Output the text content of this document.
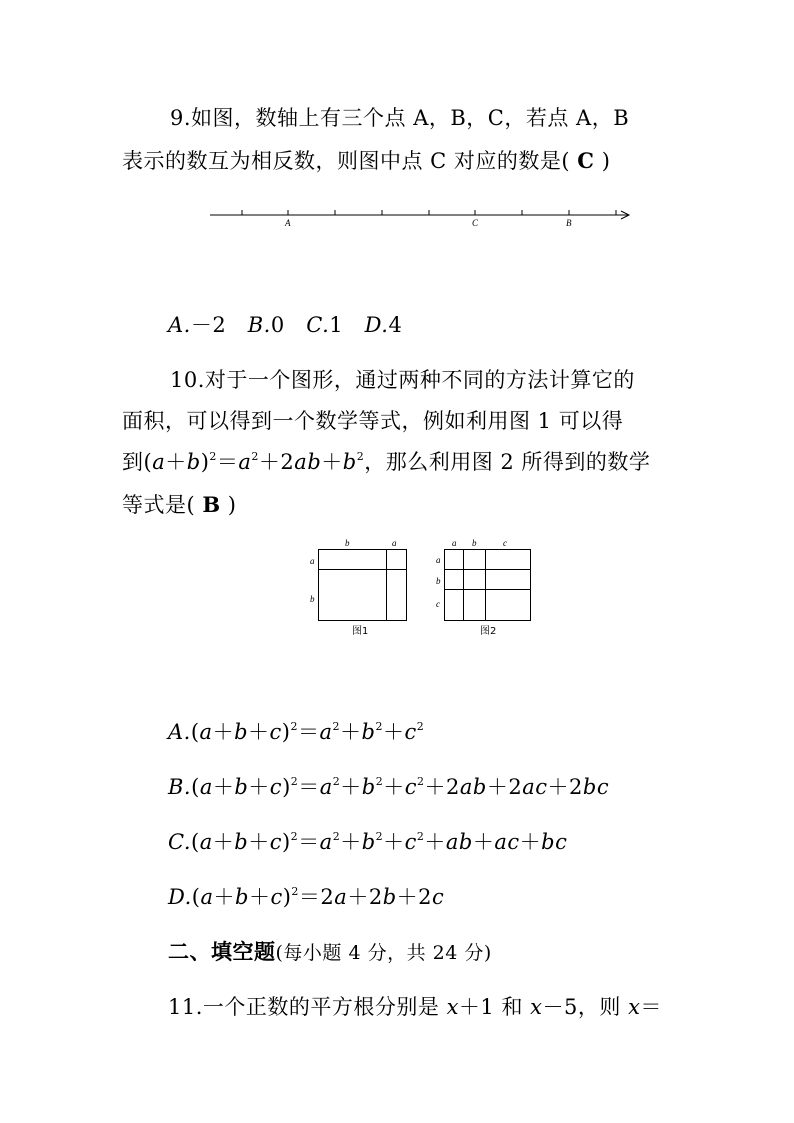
9.如图，数轴上有三个点 A，B，C，若点 A，B
表示的数互为相反数，则图中点 C 对应的数是( C )
A	C	B
A.－2 B.0 C.1 D.4
10.对于一个图形，通过两种不同的方法计算它的
面积，可以得到一个数学等式，例如利用图 1 可以得
到$(a+b)^2=a^2+2ab+b^2$，那么利用图 2 所得到的数学
等式是( B )
b	a
a
b
图1
a b	c
a
b
c
图2
$A.(a+b+c)^2=a^2+b^2+c^2$
$B.(a+b+c)^2=a^2+b^2+c^2+2ab+2ac+2bc$
$C.(a+b+c)^2=a^2+b^2+c^2+ab+ac+bc$
$D.(a+b+c)^2=2a+2b+2c$
二、填空题(每小题 4 分，共 24 分)
11.一个正数的平方根分别是 x＋1 和 x－5，则 x＝
